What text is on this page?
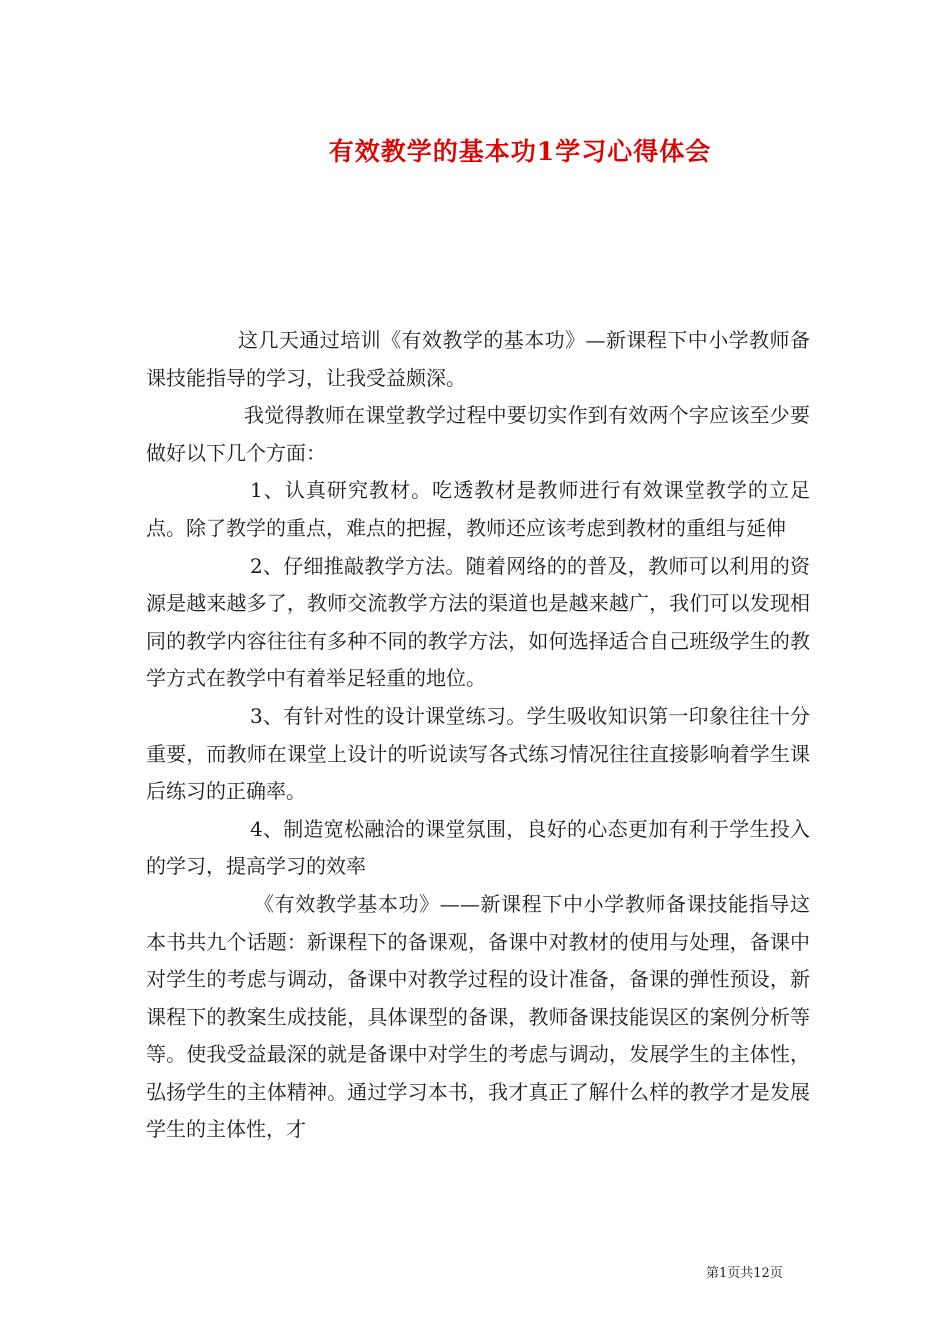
有效教学的基本功1学习心得体会

这几天通过培训《有效教学的基本功》—新课程下中小学教师备课技能指导的学习，让我受益颇深。

我觉得教师在课堂教学过程中要切实作到有效两个字应该至少要做好以下几个方面：

1、认真研究教材。吃透教材是教师进行有效课堂教学的立足点。除了教学的重点，难点的把握，教师还应该考虑到教材的重组与延伸

2、仔细推敲教学方法。随着网络的的普及，教师可以利用的资源是越来越多了，教师交流教学方法的渠道也是越来越广，我们可以发现相同的教学内容往往有多种不同的教学方法，如何选择适合自己班级学生的教学方式在教学中有着举足轻重的地位。

3、有针对性的设计课堂练习。学生吸收知识第一印象往往十分重要，而教师在课堂上设计的听说读写各式练习情况往往直接影响着学生课后练习的正确率。

4、制造宽松融洽的课堂氛围，良好的心态更加有利于学生投入的学习，提高学习的效率

《有效教学基本功》——新课程下中小学教师备课技能指导这本书共九个话题：新课程下的备课观，备课中对教材的使用与处理，备课中对学生的考虑与调动，备课中对教学过程的设计准备，备课的弹性预设，新课程下的教案生成技能，具体课型的备课，教师备课技能误区的案例分析等等。使我受益最深的就是备课中对学生的考虑与调动，发展学生的主体性，弘扬学生的主体精神。通过学习本书，我才真正了解什么样的教学才是发展学生的主体性，才

第1页共12页
